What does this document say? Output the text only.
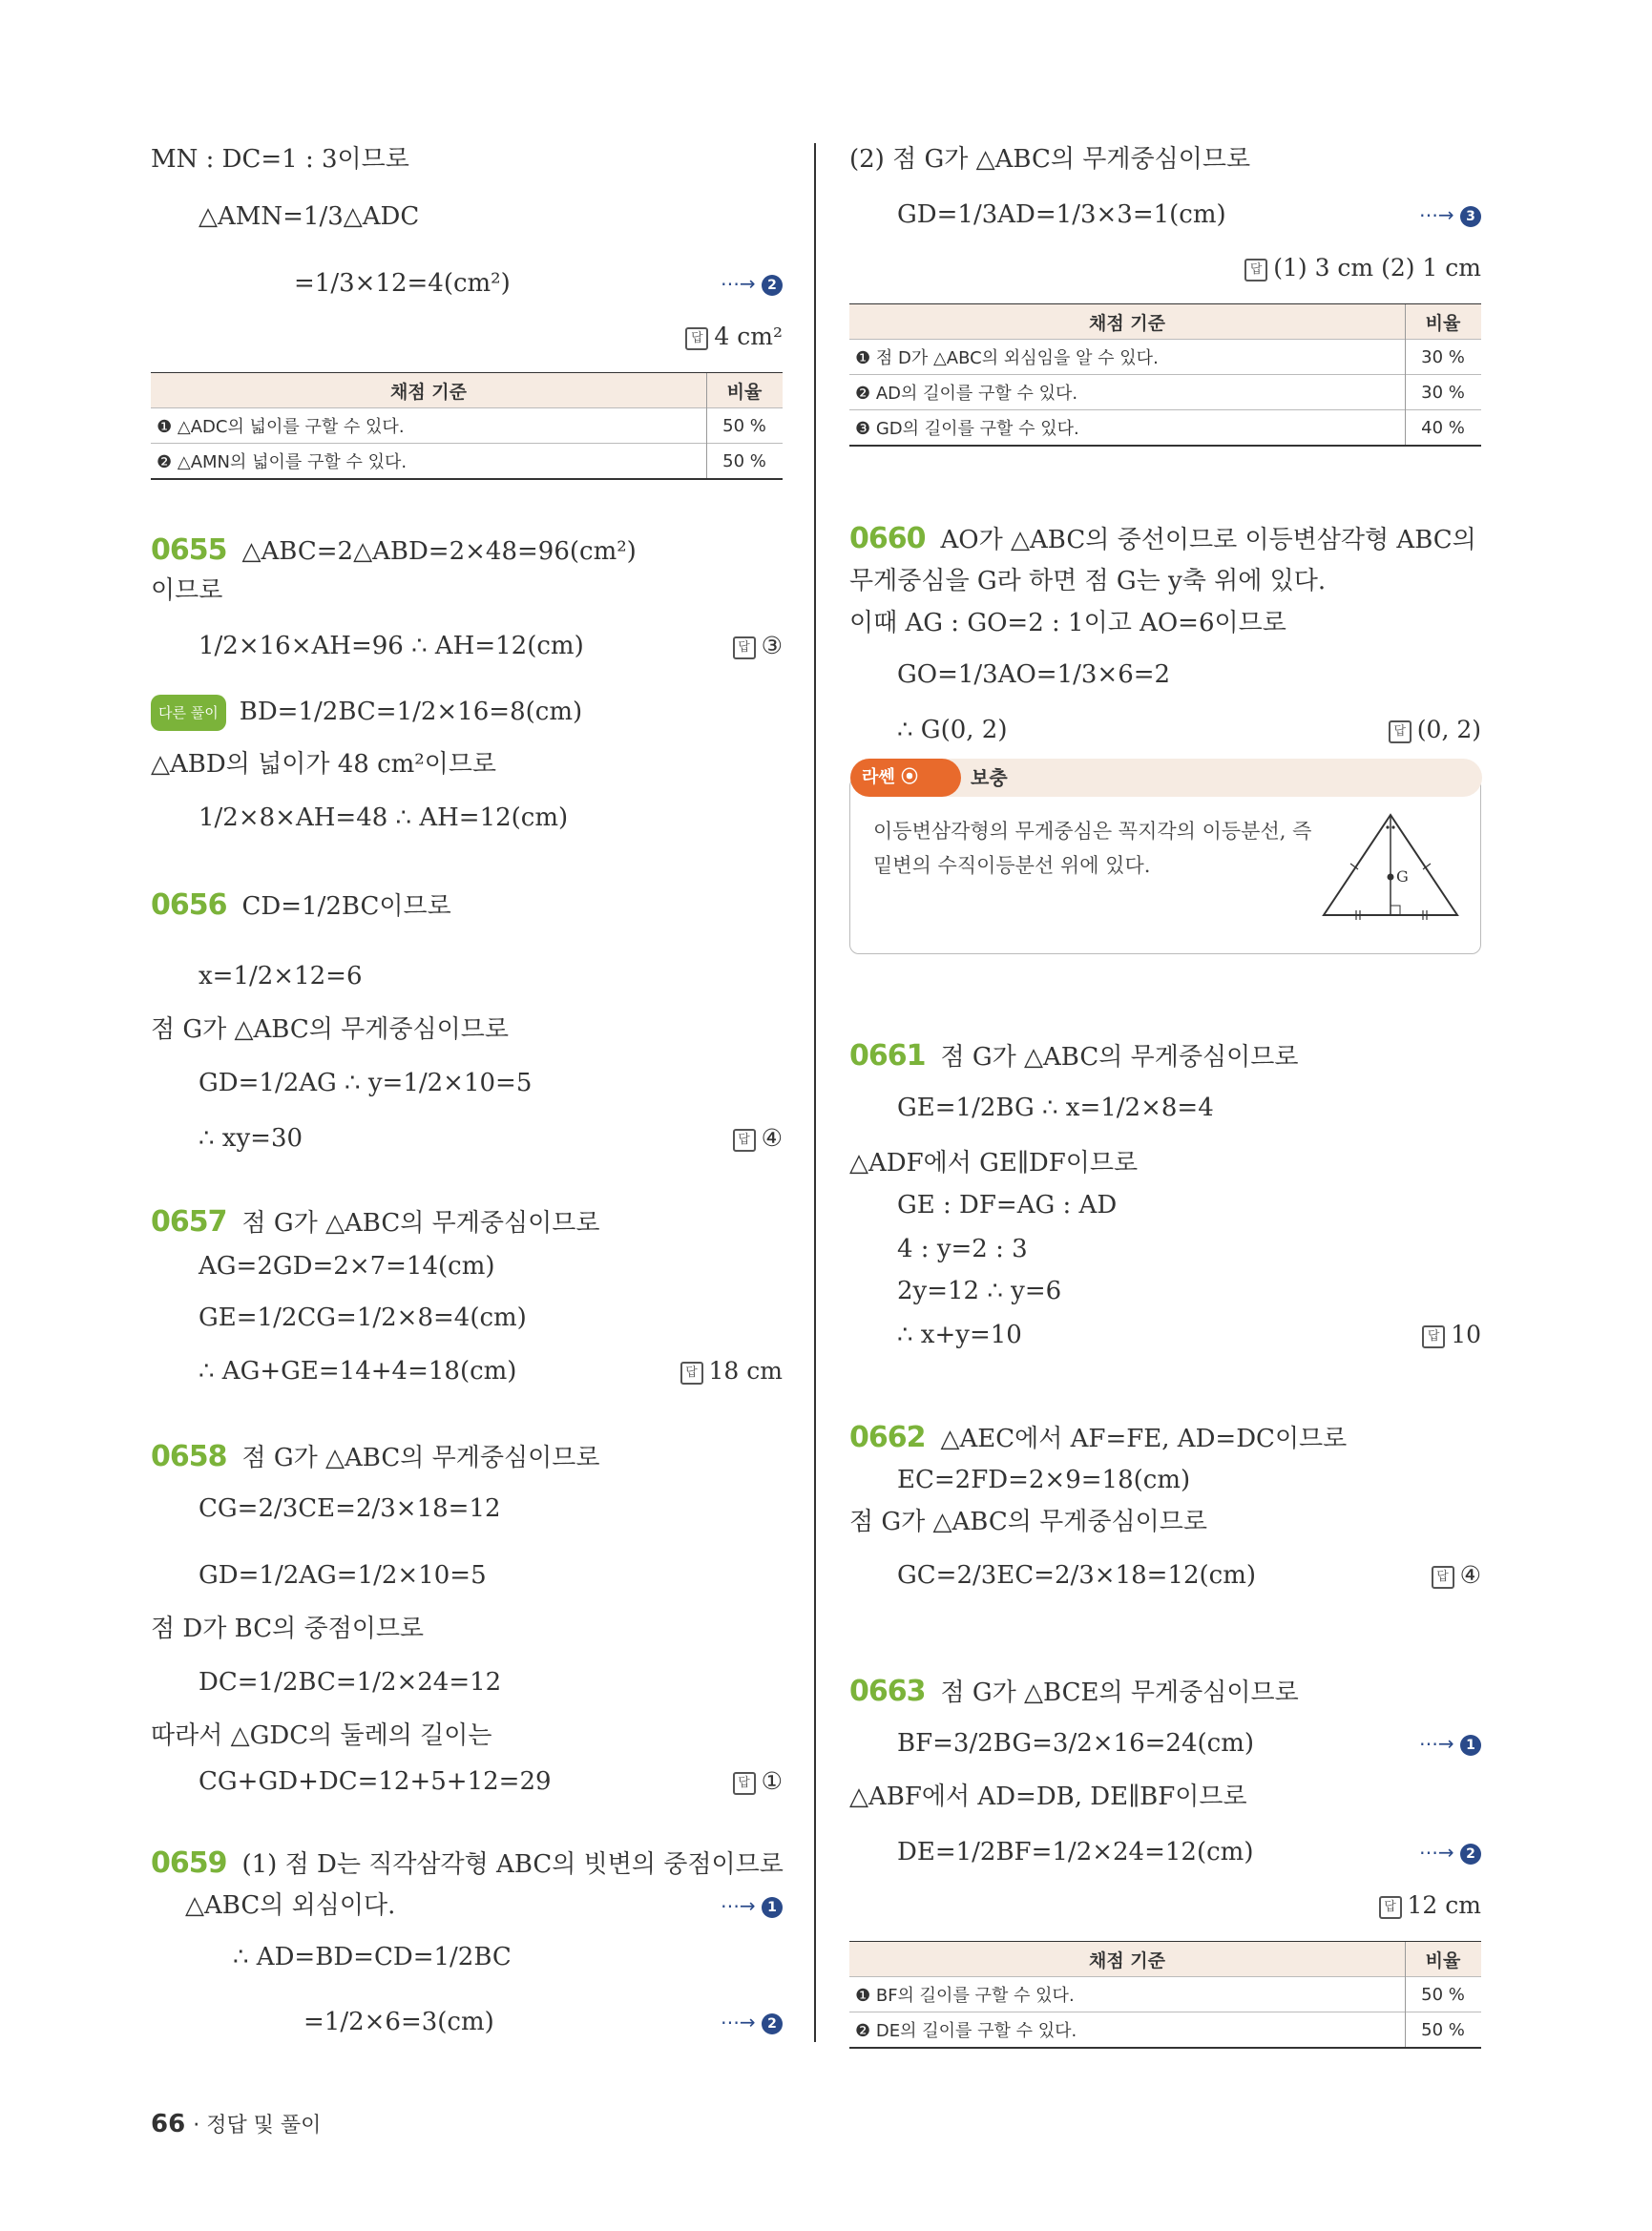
MN : DC=1 : 3이므로
△AMN=1/3△ADC
=1/3×12=4(cm²)	⋯→ 2
답 4 cm²
채점 기준	비율
❶ △ADC의 넓이를 구할 수 있다.	50 %
❷ △AMN의 넓이를 구할 수 있다.	50 %
0655 △ABC=2△ABD=2×48=96(cm²)
이므로
1/2×16×AH=96 ∴ AH=12(cm)	답 ③
다른 풀이 BD=1/2BC=1/2×16=8(cm)
△ABD의 넓이가 48 cm²이므로
1/2×8×AH=48 ∴ AH=12(cm)
0656 CD=1/2BC이므로
x=1/2×12=6
점 G가 △ABC의 무게중심이므로
GD=1/2AG ∴ y=1/2×10=5
∴ xy=30	답 ④
0657 점 G가 △ABC의 무게중심이므로
AG=2GD=2×7=14(cm)
GE=1/2CG=1/2×8=4(cm)
∴ AG+GE=14+4=18(cm)	답 18 cm
0658 점 G가 △ABC의 무게중심이므로
CG=2/3CE=2/3×18=12
GD=1/2AG=1/2×10=5
점 D가 BC의 중점이므로
DC=1/2BC=1/2×24=12
따라서 △GDC의 둘레의 길이는
CG+GD+DC=12+5+12=29	답 ①
0659 (1) 점 D는 직각삼각형 ABC의 빗변의 중점이므로
△ABC의 외심이다.	⋯→ 1
∴ AD=BD=CD=1/2BC
=1/2×6=3(cm)	⋯→ 2
(2) 점 G가 △ABC의 무게중심이므로
GD=1/3AD=1/3×3=1(cm)	⋯→ 3
답 (1) 3 cm (2) 1 cm
채점 기준	비율
❶ 점 D가 △ABC의 외심임을 알 수 있다.	30 %
❷ AD의 길이를 구할 수 있다.	30 %
❸ GD의 길이를 구할 수 있다.	40 %
0660 AO가 △ABC의 중선이므로 이등변삼각형 ABC의
무게중심을 G라 하면 점 G는 y축 위에 있다.
이때 AG : GO=2 : 1이고 AO=6이므로
GO=1/3AO=1/3×6=2
∴ G(0, 2)	답 (0, 2)
라쎈 ⦿	보충
이등변삼각형의 무게중심은 꼭지각의 이등분선, 즉 밑변의 수직이등분선 위에 있다.	G
0661 점 G가 △ABC의 무게중심이므로
GE=1/2BG ∴ x=1/2×8=4
△ADF에서 GE∥DF이므로
GE : DF=AG : AD
4 : y=2 : 3
2y=12 ∴ y=6
∴ x+y=10	답 10
0662 △AEC에서 AF=FE, AD=DC이므로
EC=2FD=2×9=18(cm)
점 G가 △ABC의 무게중심이므로
GC=2/3EC=2/3×18=12(cm)	답 ④
0663 점 G가 △BCE의 무게중심이므로
BF=3/2BG=3/2×16=24(cm)	⋯→ 1
△ABF에서 AD=DB, DE∥BF이므로
DE=1/2BF=1/2×24=12(cm)	⋯→ 2
답 12 cm
채점 기준	비율
❶ BF의 길이를 구할 수 있다.	50 %
❷ DE의 길이를 구할 수 있다.	50 %
66 · 정답 및 풀이
